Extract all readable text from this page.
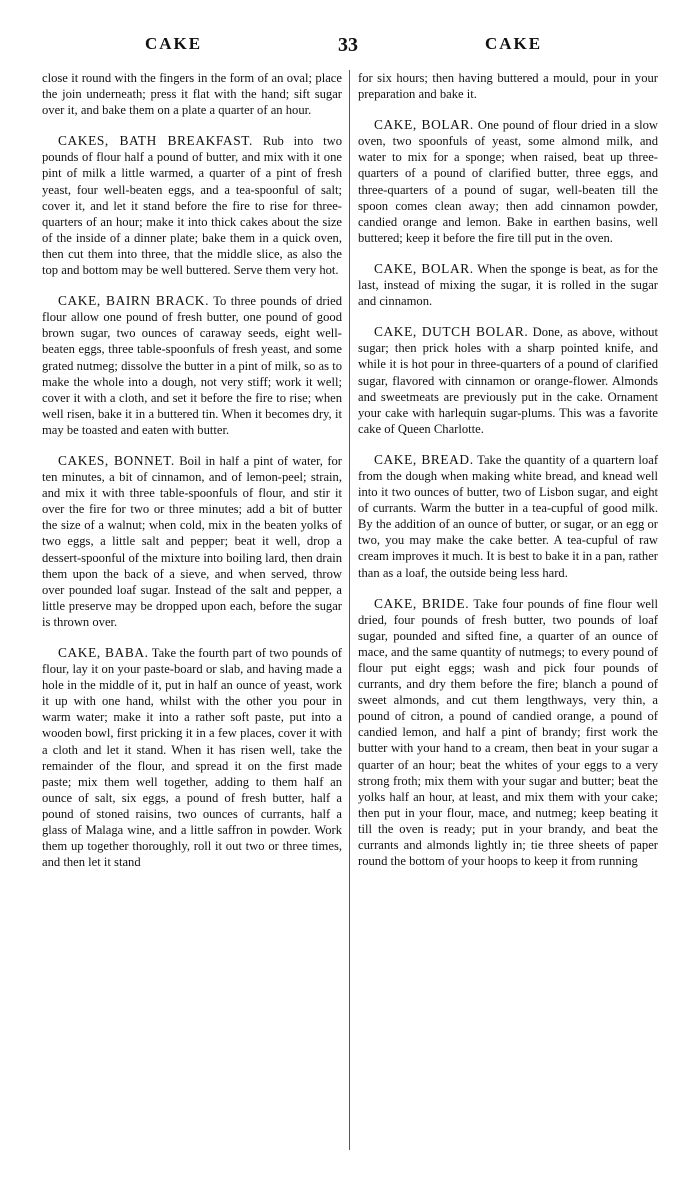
CAKE	33	CAKE

close it round with the fingers in the form of an oval; place the join underneath; press it flat with the hand; sift sugar over it, and bake them on a plate a quarter of an hour.

CAKES, BATH BREAKFAST. Rub into two pounds of flour half a pound of butter, and mix with it one pint of milk a little warmed, a quarter of a pint of fresh yeast, four well-beaten eggs, and a tea-spoonful of salt; cover it, and let it stand before the fire to rise for three-quarters of an hour; make it into thick cakes about the size of the inside of a dinner plate; bake them in a quick oven, then cut them into three, that the middle slice, as also the top and bottom may be well buttered. Serve them very hot.

CAKE, BAIRN BRACK. To three pounds of dried flour allow one pound of fresh butter, one pound of good brown sugar, two ounces of caraway seeds, eight well-beaten eggs, three table-spoonfuls of fresh yeast, and some grated nutmeg; dissolve the butter in a pint of milk, so as to make the whole into a dough, not very stiff; work it well; cover it with a cloth, and set it before the fire to rise; when well risen, bake it in a buttered tin. When it becomes dry, it may be toasted and eaten with butter.

CAKES, BONNET. Boil in half a pint of water, for ten minutes, a bit of cinnamon, and of lemon-peel; strain, and mix it with three table-spoonfuls of flour, and stir it over the fire for two or three minutes; add a bit of butter the size of a walnut; when cold, mix in the beaten yolks of two eggs, a little salt and pepper; beat it well, drop a dessert-spoonful of the mixture into boiling lard, then drain them upon the back of a sieve, and when served, throw over pounded loaf sugar. Instead of the salt and pepper, a little preserve may be dropped upon each, before the sugar is thrown over.

CAKE, BABA. Take the fourth part of two pounds of flour, lay it on your paste-board or slab, and having made a hole in the middle of it, put in half an ounce of yeast, work it up with one hand, whilst with the other you pour in warm water; make it into a rather soft paste, put into a wooden bowl, first pricking it in a few places, cover it with a cloth and let it stand. When it has risen well, take the remainder of the flour, and spread it on the first made paste; mix them well together, adding to them half an ounce of salt, six eggs, a pound of fresh butter, half a pound of stoned raisins, two ounces of currants, half a glass of Malaga wine, and a little saffron in powder. Work them up together thoroughly, roll it out two or three times, and then let it stand

for six hours; then having buttered a mould, pour in your preparation and bake it.

CAKE, BOLAR. One pound of flour dried in a slow oven, two spoonfuls of yeast, some almond milk, and water to mix for a sponge; when raised, beat up three-quarters of a pound of clarified butter, three eggs, and three-quarters of a pound of sugar, well-beaten till the spoon comes clean away; then add cinnamon powder, candied orange and lemon. Bake in earthen basins, well buttered; keep it before the fire till put in the oven.

CAKE, BOLAR. When the sponge is beat, as for the last, instead of mixing the sugar, it is rolled in the sugar and cinnamon.

CAKE, DUTCH BOLAR. Done, as above, without sugar; then prick holes with a sharp pointed knife, and while it is hot pour in three-quarters of a pound of clarified sugar, flavored with cinnamon or orange-flower. Almonds and sweetmeats are previously put in the cake. Ornament your cake with harlequin sugar-plums. This was a favorite cake of Queen Charlotte.

CAKE, BREAD. Take the quantity of a quartern loaf from the dough when making white bread, and knead well into it two ounces of butter, two of Lisbon sugar, and eight of currants. Warm the butter in a tea-cupful of good milk. By the addition of an ounce of butter, or sugar, or an egg or two, you may make the cake better. A tea-cupful of raw cream improves it much. It is best to bake it in a pan, rather than as a loaf, the outside being less hard.

CAKE, BRIDE. Take four pounds of fine flour well dried, four pounds of fresh butter, two pounds of loaf sugar, pounded and sifted fine, a quarter of an ounce of mace, and the same quantity of nutmegs; to every pound of flour put eight eggs; wash and pick four pounds of currants, and dry them before the fire; blanch a pound of sweet almonds, and cut them lengthways, very thin, a pound of citron, a pound of candied orange, a pound of candied lemon, and half a pint of brandy; first work the butter with your hand to a cream, then beat in your sugar a quarter of an hour; beat the whites of your eggs to a very strong froth; mix them with your sugar and butter; beat the yolks half an hour, at least, and mix them with your cake; then put in your flour, mace, and nutmeg; keep beating it till the oven is ready; put in your brandy, and beat the currants and almonds lightly in; tie three sheets of paper round the bottom of your hoops to keep it from running
